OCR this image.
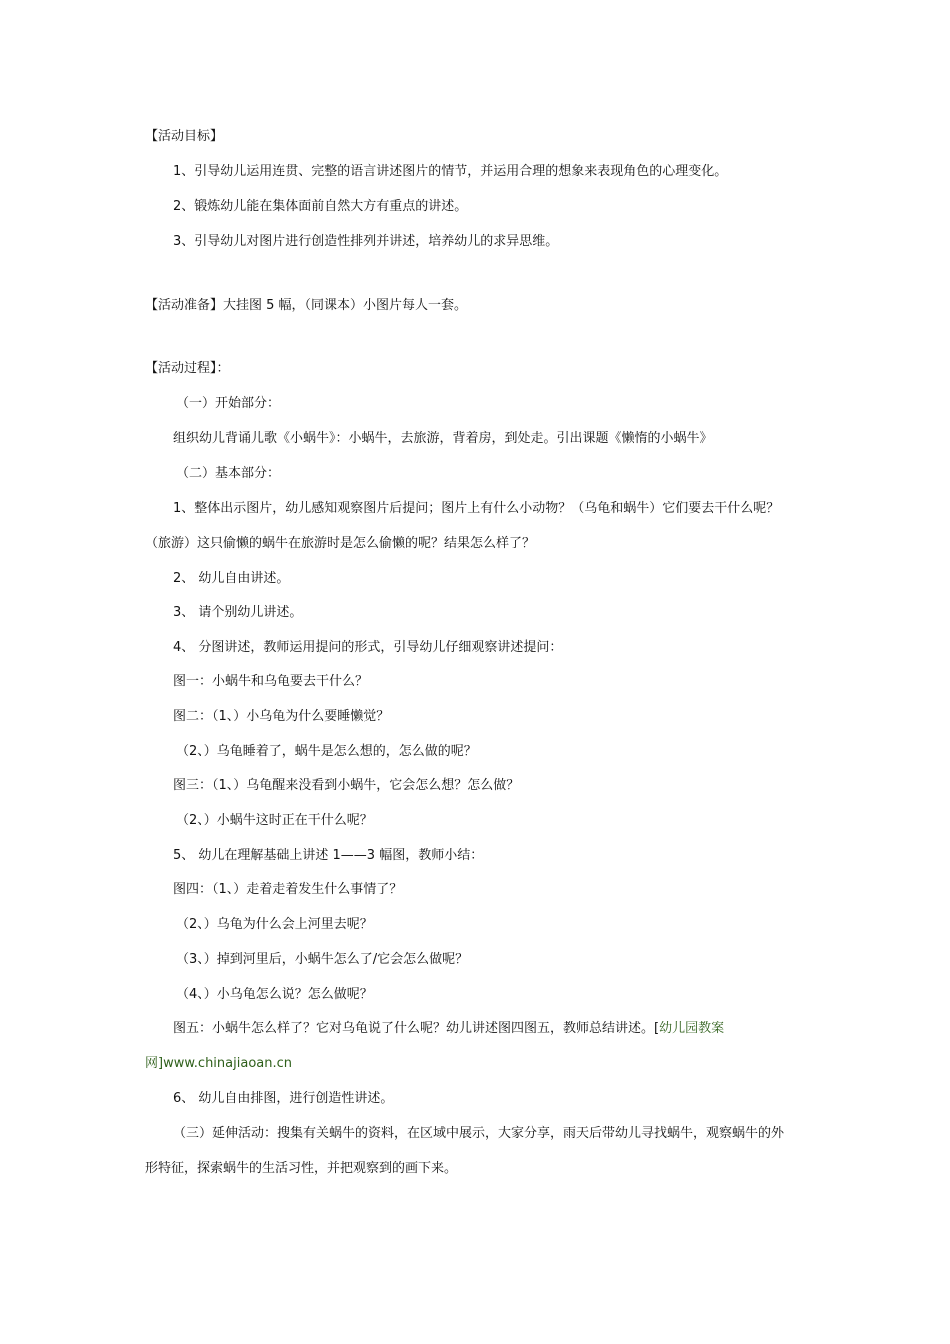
【活动目标】
1、引导幼儿运用连贯、完整的语言讲述图片的情节，并运用合理的想象来表现角色的心理变化。
2、锻炼幼儿能在集体面前自然大方有重点的讲述。
3、引导幼儿对图片进行创造性排列并讲述，培养幼儿的求异思维。
【活动准备】大挂图 5 幅，（同课本）小图片每人一套。
【活动过程】：
（一）开始部分：
组织幼儿背诵儿歌《小蜗牛》：小蜗牛，去旅游，背着房，到处走。引出课题《懒惰的小蜗牛》
（二）基本部分：
1、整体出示图片，幼儿感知观察图片后提问；图片上有什么小动物？（乌龟和蜗牛）它们要去干什么呢？
（旅游）这只偷懒的蜗牛在旅游时是怎么偷懒的呢？结果怎么样了？
2、 幼儿自由讲述。
3、 请个别幼儿讲述。
4、 分图讲述，教师运用提问的形式，引导幼儿仔细观察讲述提问：
图一：小蜗牛和乌龟要去干什么？
图二：（1、）小乌龟为什么要睡懒觉？
（2、）乌龟睡着了，蜗牛是怎么想的，怎么做的呢？
图三：（1、）乌龟醒来没看到小蜗牛，它会怎么想？怎么做？
（2、）小蜗牛这时正在干什么呢？
5、 幼儿在理解基础上讲述 1——3 幅图，教师小结：
图四：（1、）走着走着发生什么事情了？
（2、）乌龟为什么会上河里去呢？
（3、）掉到河里后，小蜗牛怎么了/它会怎么做呢？
（4、）小乌龟怎么说？怎么做呢？
图五：小蜗牛怎么样了？它对乌龟说了什么呢？幼儿讲述图四图五，教师总结讲述。[幼儿园教案
网]www.chinajiaoan.cn
6、 幼儿自由排图，进行创造性讲述。
（三）延伸活动：搜集有关蜗牛的资料，在区域中展示，大家分享，雨天后带幼儿寻找蜗牛，观察蜗牛的外
形特征，探索蜗牛的生活习性，并把观察到的画下来。
